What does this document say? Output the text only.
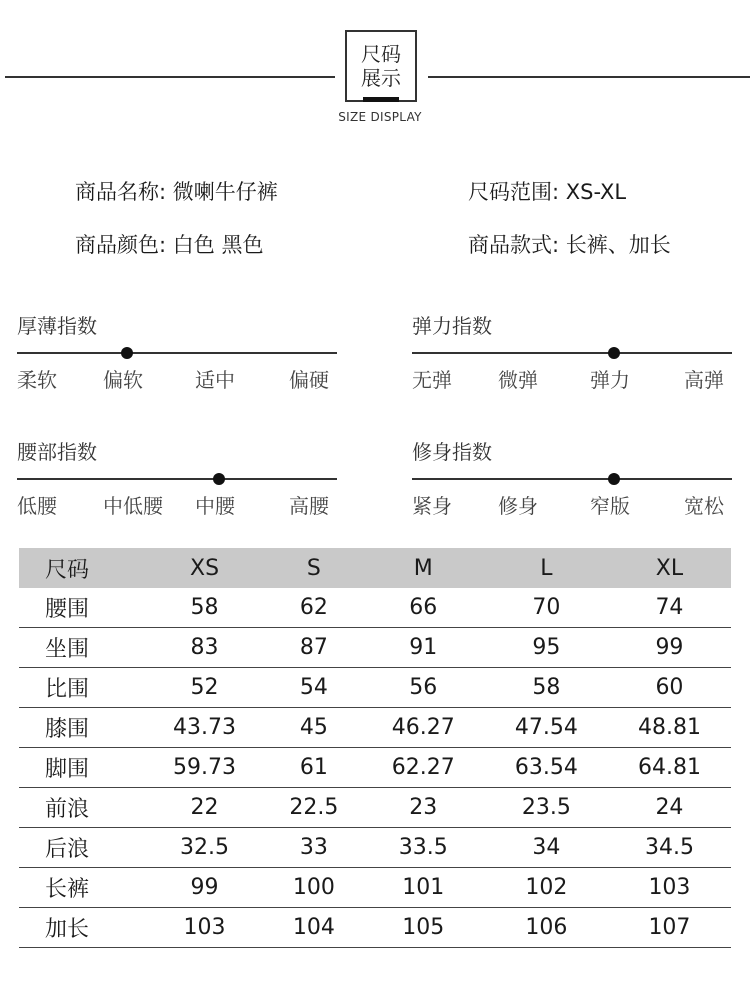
尺码
展示
SIZE DISPLAY
商品名称: 微喇牛仔裤	尺码范围: XS-XL
商品颜色: 白色 黑色	商品款式: 长裤、加长
厚薄指数
柔软 偏软	适中	偏硬
弹力指数
无弹 微弹	弹力	高弹
腰部指数
低腰 中低腰 中腰	高腰
修身指数
紧身 修身	窄版	宽松
尺码	XS	S	M	L	XL
腰围	58	62	66	70	74
坐围	83	87	91	95	99
比围	52	54	56	58	60
膝围	43.73	45	46.27	47.54	48.81
脚围	59.73	61	62.27	63.54	64.81
前浪	22	22.5	23	23.5	24
后浪	32.5	33	33.5	34	34.5
长裤	99	100	101	102	103
加长	103	104	105	106	107
